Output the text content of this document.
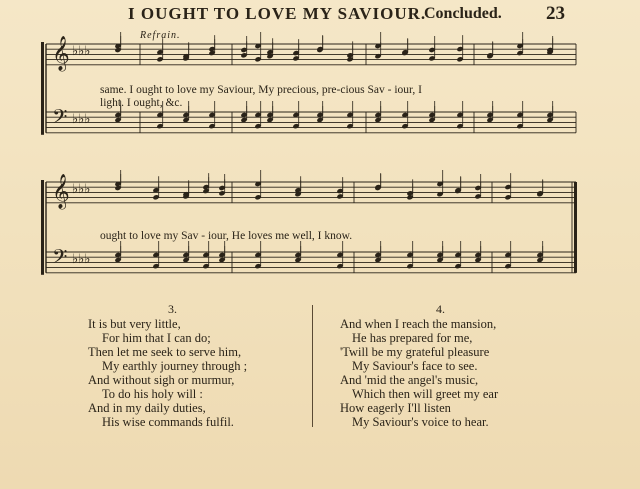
I OUGHT TO LOVE MY SAVIOUR.
Concluded. 23
Refrain.
𝄞 ♭♭♭
𝄢 ♭♭♭
𝄞 ♭♭♭
𝄢 ♭♭♭
same. I ought to love my Saviour, My precious, pre-cious Sav - iour, I
light. I ought, &c.
ought to love my Sav - iour, He loves me well, I know.
3.
It is but very little,
For him that I can do;
Then let me seek to serve him,
My earthly journey through ;
And without sigh or murmur,
To do his holy will :
And in my daily duties,
His wise commands fulfil.
4.
And when I reach the mansion,
He has prepared for me,
'Twill be my grateful pleasure
My Saviour's face to see.
And 'mid the angel's music,
Which then will greet my ear
How eagerly I'll listen
My Saviour's voice to hear.
